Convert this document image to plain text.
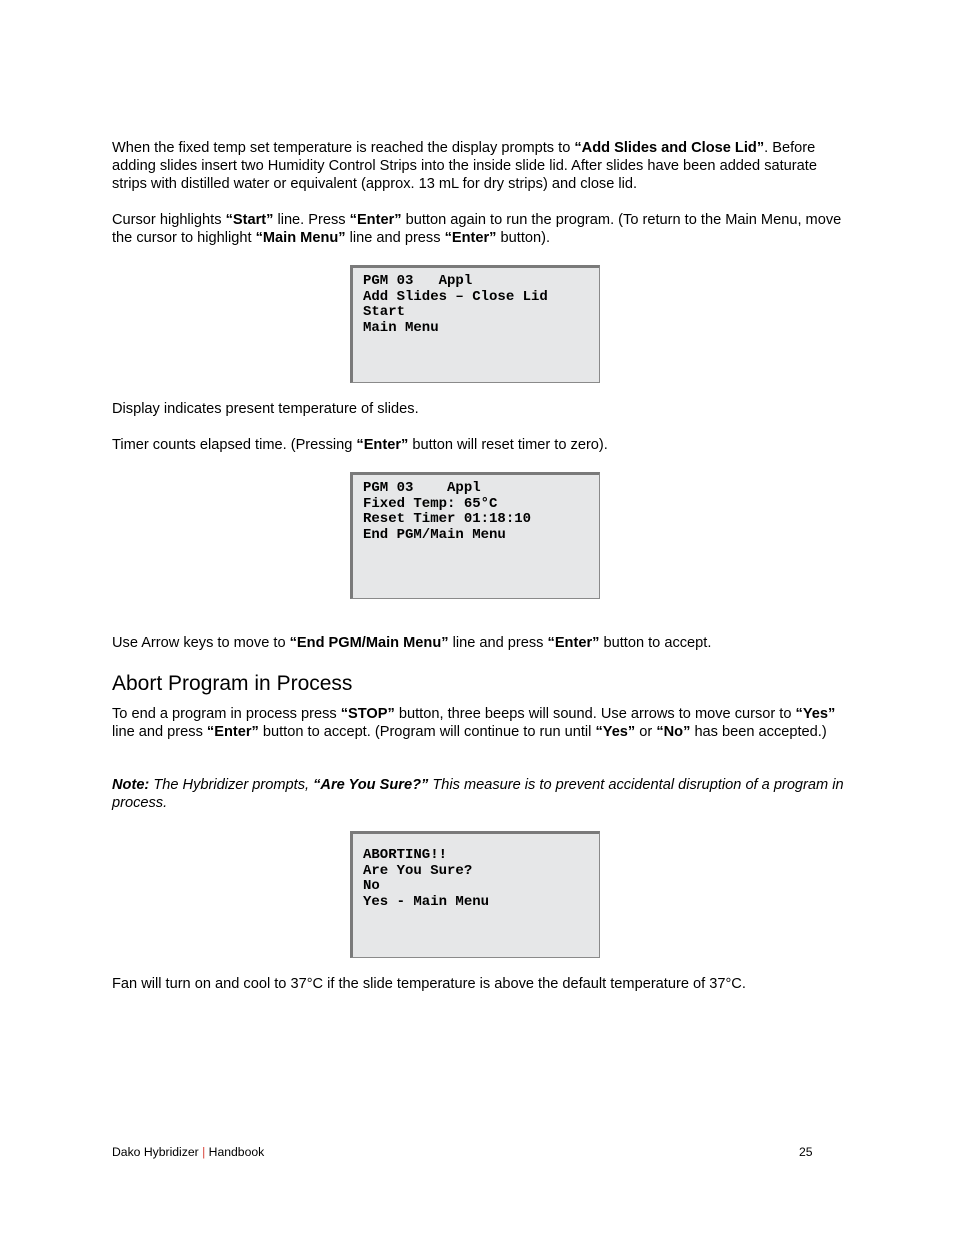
When the fixed temp set temperature is reached the display prompts to “Add Slides and Close Lid”. Before adding slides insert two Humidity Control Strips into the inside slide lid. After slides have been added saturate strips with distilled water or equivalent (approx. 13 mL for dry strips) and close lid.

Cursor highlights “Start” line. Press “Enter” button again to run the program. (To return to the Main Menu, move the cursor to highlight “Main Menu” line and press “Enter” button).

PGM 03   Appl
Add Slides – Close Lid
Start
Main Menu

Display indicates present temperature of slides.

Timer counts elapsed time. (Pressing “Enter” button will reset timer to zero).

PGM 03    Appl
Fixed Temp: 65°C
Reset Timer 01:18:10
End PGM/Main Menu

Use Arrow keys to move to “End PGM/Main Menu” line and press “Enter” button to accept.

Abort Program in Process

To end a program in process press “STOP” button, three beeps will sound. Use arrows to move cursor to “Yes” line and press “Enter” button to accept. (Program will continue to run until “Yes” or “No” has been accepted.)

Note: The Hybridizer prompts, “Are You Sure?” This measure is to prevent accidental disruption of a program in process.

ABORTING!!
Are You Sure?
No
Yes - Main Menu

Fan will turn on and cool to 37°C if the slide temperature is above the default temperature of 37°C.

Dako Hybridizer | Handbook	25
